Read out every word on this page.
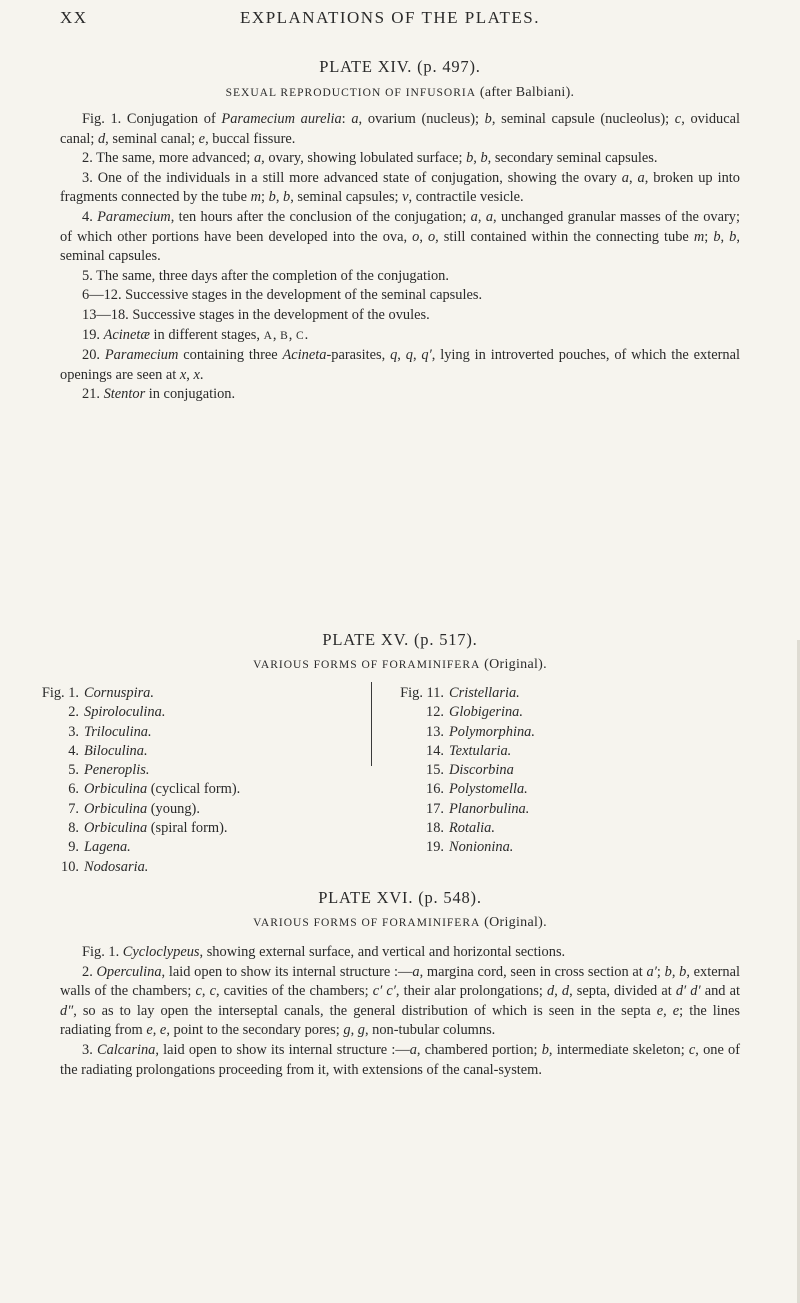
XX	EXPLANATIONS OF THE PLATES.
PLATE XIV. (p. 497).
SEXUAL REPRODUCTION OF INFUSORIA (after Balbiani).

Fig. 1. Conjugation of Paramecium aurelia: a, ovarium (nucleus); b, seminal capsule (nucleolus); c, oviducal canal; d, seminal canal; e, buccal fissure.

2. The same, more advanced; a, ovary, showing lobulated surface; b, b, secondary seminal capsules.

3. One of the individuals in a still more advanced state of conjugation, showing the ovary a, a, broken up into fragments connected by the tube m; b, b, seminal capsules; v, contractile vesicle.

4. Paramecium, ten hours after the conclusion of the conjugation; a, a, unchanged granular masses of the ovary; of which other portions have been developed into the ova, o, o, still contained within the connecting tube m; b, b, seminal capsules.

5. The same, three days after the completion of the conjugation.

6—12. Successive stages in the development of the seminal capsules.

13—18. Successive stages in the development of the ovules.

19. Acinetæ in different stages, A, B, C.

20. Paramecium containing three Acineta-parasites, q, q, q′, lying in introverted pouches, of which the external openings are seen at x, x.

21. Stentor in conjugation.

PLATE XV. (p. 517).
VARIOUS FORMS OF FORAMINIFERA (Original).
Fig. 1. Cornuspira.
2. Spiroloculina.
3. Triloculina.
4. Biloculina.
5. Peneroplis.
6. Orbiculina (cyclical form).
7. Orbiculina (young).
8. Orbiculina (spiral form).
9. Lagena.
10. Nodosaria.
Fig. 11. Cristellaria.
12. Globigerina.
13. Polymorphina.
14. Textularia.
15. Discorbina
16. Polystomella.
17. Planorbulina.
18. Rotalia.
19. Nonionina.
PLATE XVI. (p. 548).
VARIOUS FORMS OF FORAMINIFERA (Original).

Fig. 1. Cycloclypeus, showing external surface, and vertical and horizontal sections.

2. Operculina, laid open to show its internal structure :—a, margina cord, seen in cross section at a′; b, b, external walls of the chambers; c, c, cavities of the chambers; c′ c′, their alar prolongations; d, d, septa, divided at d′ d′ and at d″, so as to lay open the interseptal canals, the general distribution of which is seen in the septa e, e; the lines radiating from e, e, point to the secondary pores; g, g, non-tubular columns.

3. Calcarina, laid open to show its internal structure :—a, chambered portion; b, intermediate skeleton; c, one of the radiating prolongations proceeding from it, with extensions of the canal-system.
